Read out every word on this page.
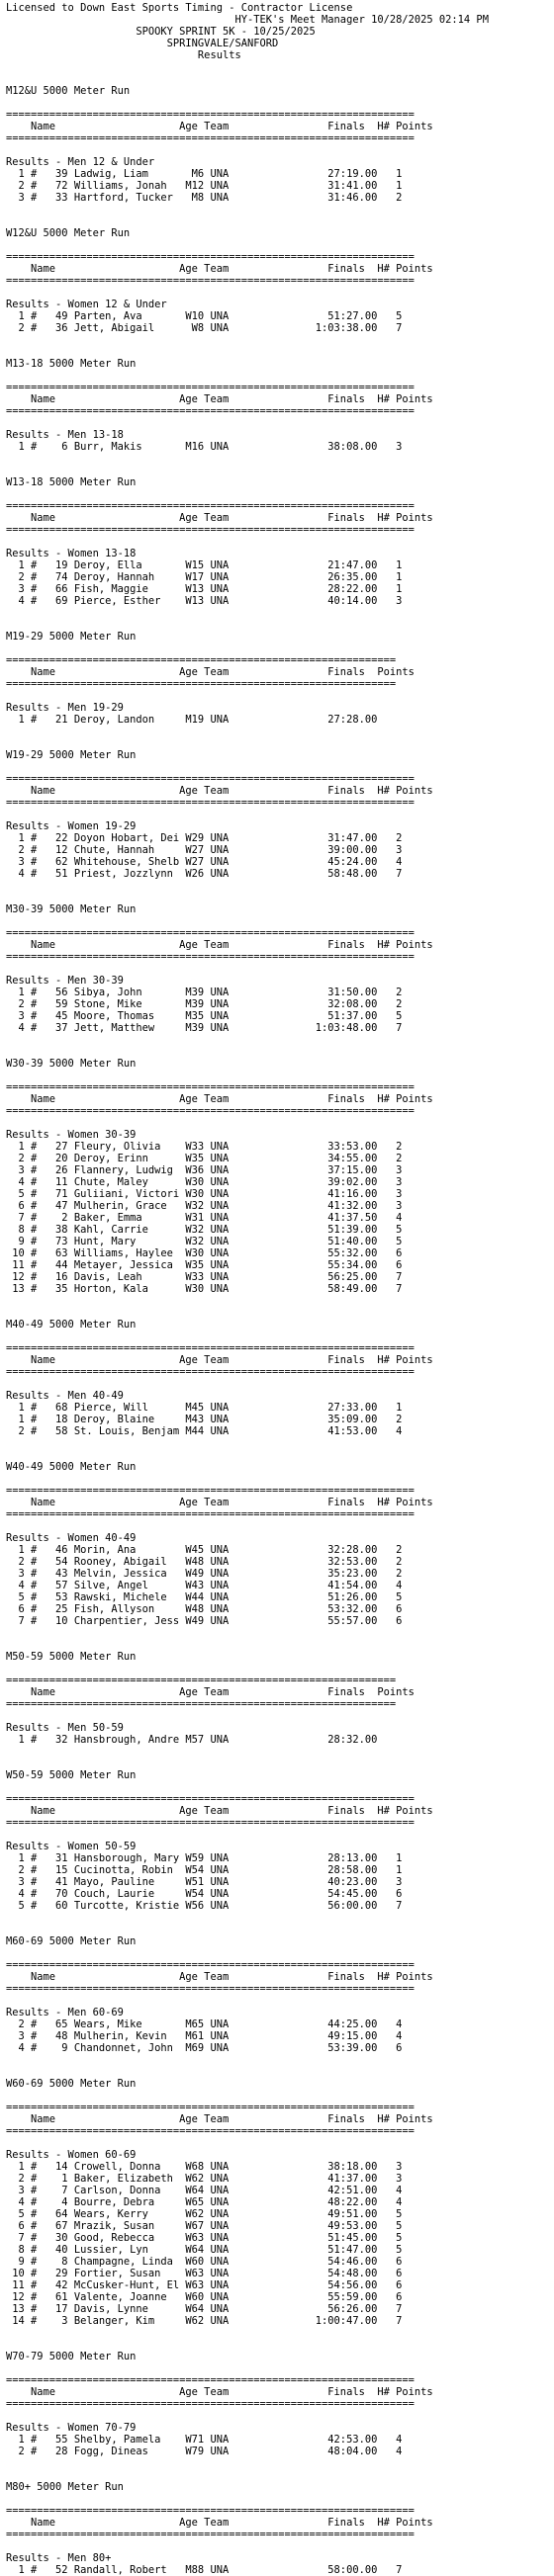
Licensed to Down East Sports Timing - Contractor License
HY-TEK's Meet Manager 10/28/2025 02:14 PM
SPOOKY SPRINT 5K - 10/25/2025
SPRINGVALE/SANFORD
Results
M12&U 5000 Meter Run
==================================================================
Name                    Age Team                Finals  H# Points
==================================================================
Results - Men 12 & Under
1 #   39 Ladwig, Liam       M6 UNA                27:19.00   1
2 #   72 Williams, Jonah   M12 UNA                31:41.00   1
3 #   33 Hartford, Tucker   M8 UNA                31:46.00   2
W12&U 5000 Meter Run
==================================================================
Name                    Age Team                Finals  H# Points
==================================================================
Results - Women 12 & Under
1 #   49 Parten, Ava       W10 UNA                51:27.00   5
2 #   36 Jett, Abigail      W8 UNA              1:03:38.00   7
M13-18 5000 Meter Run
==================================================================
Name                    Age Team                Finals  H# Points
==================================================================
Results - Men 13-18
1 #    6 Burr, Makis       M16 UNA                38:08.00   3
W13-18 5000 Meter Run
==================================================================
Name                    Age Team                Finals  H# Points
==================================================================
Results - Women 13-18
1 #   19 Deroy, Ella       W15 UNA                21:47.00   1
2 #   74 Deroy, Hannah     W17 UNA                26:35.00   1
3 #   66 Fish, Maggie      W13 UNA                28:22.00   1
4 #   69 Pierce, Esther    W13 UNA                40:14.00   3
M19-29 5000 Meter Run
===============================================================
Name                    Age Team                Finals  Points
===============================================================
Results - Men 19-29
1 #   21 Deroy, Landon     M19 UNA                27:28.00
W19-29 5000 Meter Run
==================================================================
Name                    Age Team                Finals  H# Points
==================================================================
Results - Women 19-29
1 #   22 Doyon Hobart, Dei W29 UNA                31:47.00   2
2 #   12 Chute, Hannah     W27 UNA                39:00.00   3
3 #   62 Whitehouse, Shelb W27 UNA                45:24.00   4
4 #   51 Priest, Jozzlynn  W26 UNA                58:48.00   7
M30-39 5000 Meter Run
==================================================================
Name                    Age Team                Finals  H# Points
==================================================================
Results - Men 30-39
1 #   56 Sibya, John       M39 UNA                31:50.00   2
2 #   59 Stone, Mike       M39 UNA                32:08.00   2
3 #   45 Moore, Thomas     M35 UNA                51:37.00   5
4 #   37 Jett, Matthew     M39 UNA              1:03:48.00   7
W30-39 5000 Meter Run
==================================================================
Name                    Age Team                Finals  H# Points
==================================================================
Results - Women 30-39
1 #   27 Fleury, Olivia    W33 UNA                33:53.00   2
2 #   20 Deroy, Erinn      W35 UNA                34:55.00   2
3 #   26 Flannery, Ludwig  W36 UNA                37:15.00   3
4 #   11 Chute, Maley      W30 UNA                39:02.00   3
5 #   71 Guliiani, Victori W30 UNA                41:16.00   3
6 #   47 Mulherin, Grace   W32 UNA                41:32.00   3
7 #    2 Baker, Emma       W31 UNA                41:37.50   4
8 #   38 Kahl, Carrie      W32 UNA                51:39.00   5
9 #   73 Hunt, Mary        W32 UNA                51:40.00   5
10 #   63 Williams, Haylee  W30 UNA                55:32.00   6
11 #   44 Metayer, Jessica  W35 UNA                55:34.00   6
12 #   16 Davis, Leah       W33 UNA                56:25.00   7
13 #   35 Horton, Kala      W30 UNA                58:49.00   7
M40-49 5000 Meter Run
==================================================================
Name                    Age Team                Finals  H# Points
==================================================================
Results - Men 40-49
1 #   68 Pierce, Will      M45 UNA                27:33.00   1
1 #   18 Deroy, Blaine     M43 UNA                35:09.00   2
2 #   58 St. Louis, Benjam M44 UNA                41:53.00   4
W40-49 5000 Meter Run
==================================================================
Name                    Age Team                Finals  H# Points
==================================================================
Results - Women 40-49
1 #   46 Morin, Ana        W45 UNA                32:28.00   2
2 #   54 Rooney, Abigail   W48 UNA                32:53.00   2
3 #   43 Melvin, Jessica   W49 UNA                35:23.00   2
4 #   57 Silve, Angel      W43 UNA                41:54.00   4
5 #   53 Rawski, Michele   W44 UNA                51:26.00   5
6 #   25 Fish, Allyson     W48 UNA                53:32.00   6
7 #   10 Charpentier, Jess W49 UNA                55:57.00   6
M50-59 5000 Meter Run
===============================================================
Name                    Age Team                Finals  Points
===============================================================
Results - Men 50-59
1 #   32 Hansbrough, Andre M57 UNA                28:32.00
W50-59 5000 Meter Run
==================================================================
Name                    Age Team                Finals  H# Points
==================================================================
Results - Women 50-59
1 #   31 Hansborough, Mary W59 UNA                28:13.00   1
2 #   15 Cucinotta, Robin  W54 UNA                28:58.00   1
3 #   41 Mayo, Pauline     W51 UNA                40:23.00   3
4 #   70 Couch, Laurie     W54 UNA                54:45.00   6
5 #   60 Turcotte, Kristie W56 UNA                56:00.00   7
M60-69 5000 Meter Run
==================================================================
Name                    Age Team                Finals  H# Points
==================================================================
Results - Men 60-69
2 #   65 Wears, Mike       M65 UNA                44:25.00   4
3 #   48 Mulherin, Kevin   M61 UNA                49:15.00   4
4 #    9 Chandonnet, John  M69 UNA                53:39.00   6
W60-69 5000 Meter Run
==================================================================
Name                    Age Team                Finals  H# Points
==================================================================
Results - Women 60-69
1 #   14 Crowell, Donna    W68 UNA                38:18.00   3
2 #    1 Baker, Elizabeth  W62 UNA                41:37.00   3
3 #    7 Carlson, Donna    W64 UNA                42:51.00   4
4 #    4 Bourre, Debra     W65 UNA                48:22.00   4
5 #   64 Wears, Kerry      W62 UNA                49:51.00   5
6 #   67 Mrazik, Susan     W67 UNA                49:53.00   5
7 #   30 Good, Rebecca     W63 UNA                51:45.00   5
8 #   40 Lussier, Lyn      W64 UNA                51:47.00   5
9 #    8 Champagne, Linda  W60 UNA                54:46.00   6
10 #   29 Fortier, Susan    W63 UNA                54:48.00   6
11 #   42 McCusker-Hunt, El W63 UNA                54:56.00   6
12 #   61 Valente, Joanne   W60 UNA                55:59.00   6
13 #   17 Davis, Lynne      W64 UNA                56:26.00   7
14 #    3 Belanger, Kim     W62 UNA              1:00:47.00   7
W70-79 5000 Meter Run
==================================================================
Name                    Age Team                Finals  H# Points
==================================================================
Results - Women 70-79
1 #   55 Shelby, Pamela    W71 UNA                42:53.00   4
2 #   28 Fogg, Dineas      W79 UNA                48:04.00   4
M80+ 5000 Meter Run
==================================================================
Name                    Age Team                Finals  H# Points
==================================================================
Results - Men 80+
1 #   52 Randall, Robert   M88 UNA                58:00.00   7
